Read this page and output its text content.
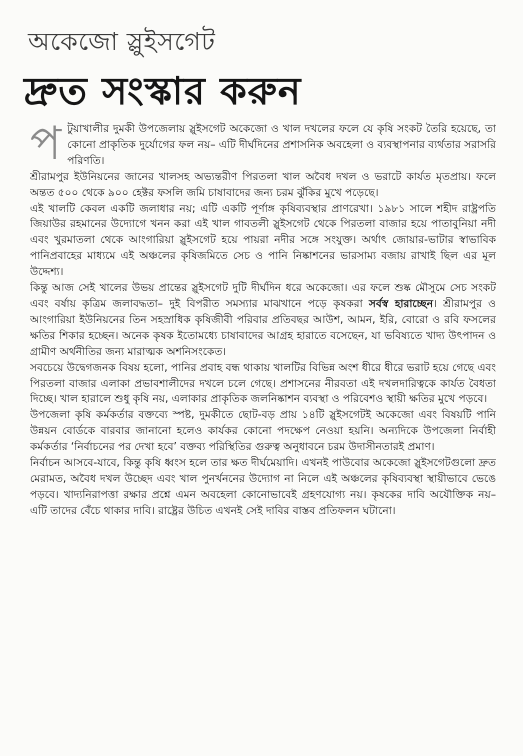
অকেজো স্লুইসগেট
দ্রুত সংস্কার করুন

পটুয়াখালীর দুমকী উপজেলায় স্লুইসগেট অকেজো ও খাল দখলের ফলে যে কৃষি সংকট তৈরি হয়েছে, তা কোনো প্রাকৃতিক দুর্যোগের ফল নয়– এটি দীর্ঘদিনের প্রশাসনিক অবহেলা ও ব্যবস্থাপনার ব্যর্থতার সরাসরি পরিণতি।

শ্রীরামপুর ইউনিয়নের জানের খালসহ অভ্যন্তরীণ পিরতলা খাল অবৈধ দখল ও ভরাটে কার্যত মৃতপ্রায়। ফলে অন্তত ৫০০ থেকে ৯০০ হেক্টর ফসলি জমি চাষাবাদের জন্য চরম ঝুঁকির মুখে পড়েছে।

এই খালটি কেবল একটি জলাধার নয়; এটি একটি পূর্ণাঙ্গ কৃষিব্যবস্থার প্রাণরেখা। ১৯৮১ সালে শহীদ রাষ্ট্রপতি জিয়াউর রহমানের উদ্যোগে খনন করা এই খাল গাবতলী স্লুইসগেট থেকে পিরতলা বাজার হয়ে পাতাবুনিয়া নদী এবং খুরমাতলা থেকে আংগারিয়া স্লুইসগেট হয়ে পায়রা নদীর সঙ্গে সংযুক্ত। অর্থাৎ জোয়ার-ভাটার স্বাভাবিক পানিপ্রবাহের মাধ্যমে এই অঞ্চলের কৃষিজমিতে সেচ ও পানি নিষ্কাশনের ভারসাম্য বজায় রাখাই ছিল এর মূল উদ্দেশ্য।

কিন্তু আজ সেই খালের উভয় প্রান্তের স্লুইসগেট দুটি দীর্ঘদিন ধরে অকেজো। এর ফলে শুষ্ক মৌসুমে সেচ সংকট এবং বর্ষায় কৃত্রিম জলাবদ্ধতা– দুই বিপরীত সমস্যার মাঝখানে পড়ে কৃষকরা সর্বস্ব হারাচ্ছেন। শ্রীরামপুর ও আংগারিয়া ইউনিয়নের তিন সহস্রাধিক কৃষিজীবী পরিবার প্রতিবছর আউশ, আমন, ইরি, বোরো ও রবি ফসলের ক্ষতির শিকার হচ্ছেন। অনেক কৃষক ইতোমধ্যে চাষাবাদের আগ্রহ হারাতে বসেছেন, যা ভবিষ্যতে খাদ্য উৎপাদন ও গ্রামীণ অর্থনীতির জন্য মারাত্মক অশনিসংকেত।

সবচেয়ে উদ্বেগজনক বিষয় হলো, পানির প্রবাহ বন্ধ থাকায় খালটির বিভিন্ন অংশ ধীরে ধীরে ভরাট হয়ে গেছে এবং পিরতলা বাজার এলাকা প্রভাবশালীদের দখলে চলে গেছে। প্রশাসনের নীরবতা এই দখলদারিত্বকে কার্যত বৈধতা দিচ্ছে। খাল হারালে শুধু কৃষি নয়, এলাকার প্রাকৃতিক জলনিষ্কাশন ব্যবস্থা ও পরিবেশও স্থায়ী ক্ষতির মুখে পড়বে।

উপজেলা কৃষি কর্মকর্তার বক্তব্যে স্পষ্ট, দুমকীতে ছোট-বড় প্রায় ১৪টি স্লুইসগেটই অকেজো এবং বিষয়টি পানি উন্নয়ন বোর্ডকে বারবার জানানো হলেও কার্যকর কোনো পদক্ষেপ নেওয়া হয়নি। অন্যদিকে উপজেলা নির্বাহী কর্মকর্তার ‘নির্বাচনের পর দেখা হবে’ বক্তব্য পরিস্থিতির গুরুত্ব অনুধাবনে চরম উদাসীনতারই প্রমাণ।

নির্বাচন আসবে-যাবে, কিন্তু কৃষি ধ্বংস হলে তার ক্ষত দীর্ঘমেয়াদি। এখনই পাউবোর অকেজো স্লুইসগেটগুলো দ্রুত মেরামত, অবৈধ দখল উচ্ছেদ এবং খাল পুনর্খননের উদ্যোগ না নিলে এই অঞ্চলের কৃষিব্যবস্থা স্থায়ীভাবে ভেঙে পড়বে। খাদ্যনিরাপত্তা রক্ষার প্রশ্নে এমন অবহেলা কোনোভাবেই গ্রহণযোগ্য নয়। কৃষকের দাবি অযৌক্তিক নয়– এটি তাদের বেঁচে থাকার দাবি। রাষ্ট্রের উচিত এখনই সেই দাবির বাস্তব প্রতিফলন ঘটানো।
